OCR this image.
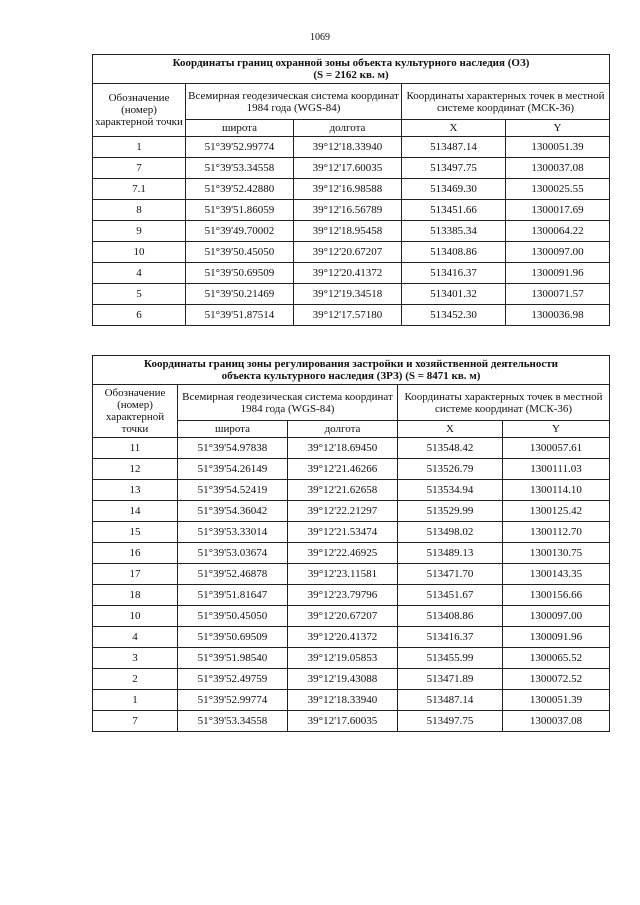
1069
Координаты границ охранной зоны объекта культурного наследия (ОЗ)
(S = 2162 кв. м)				

Обозначение (номер) характерной точки	Всемирная геодезическая система координат 1984 года (WGS-84)		Координаты характерных точек в местной системе координат (МСК-36)	
	широта	долгота	X	Y
1	51°39'52.99774	39°12'18.33940	513487.14	1300051.39
7	51°39'53.34558	39°12'17.60035	513497.75	1300037.08
7.1	51°39'52.42880	39°12'16.98588	513469.30	1300025.55
8	51°39'51.86059	39°12'16.56789	513451.66	1300017.69
9	51°39'49.70002	39°12'18.95458	513385.34	1300064.22
10	51°39'50.45050	39°12'20.67207	513408.86	1300097.00
4	51°39'50.69509	39°12'20.41372	513416.37	1300091.96
5	51°39'50.21469	39°12'19.34518	513401.32	1300071.57
6	51°39'51.87514	39°12'17.57180	513452.30	1300036.98
Координаты границ зоны регулирования застройки и хозяйственной деятельности
объекта культурного наследия (ЗРЗ) (S = 8471 кв. м)				

Обозначение (номер) характерной точки	Всемирная геодезическая система координат 1984 года (WGS-84)		Координаты характерных точек в местной системе координат (МСК-36)	
	широта	долгота	X	Y
11	51°39'54.97838	39°12'18.69450	513548.42	1300057.61
12	51°39'54.26149	39°12'21.46266	513526.79	1300111.03
13	51°39'54.52419	39°12'21.62658	513534.94	1300114.10
14	51°39'54.36042	39°12'22.21297	513529.99	1300125.42
15	51°39'53.33014	39°12'21.53474	513498.02	1300112.70
16	51°39'53.03674	39°12'22.46925	513489.13	1300130.75
17	51°39'52.46878	39°12'23.11581	513471.70	1300143.35
18	51°39'51.81647	39°12'23.79796	513451.67	1300156.66
10	51°39'50.45050	39°12'20.67207	513408.86	1300097.00
4	51°39'50.69509	39°12'20.41372	513416.37	1300091.96
3	51°39'51.98540	39°12'19.05853	513455.99	1300065.52
2	51°39'52.49759	39°12'19.43088	513471.89	1300072.52
1	51°39'52.99774	39°12'18.33940	513487.14	1300051.39
7	51°39'53.34558	39°12'17.60035	513497.75	1300037.08
